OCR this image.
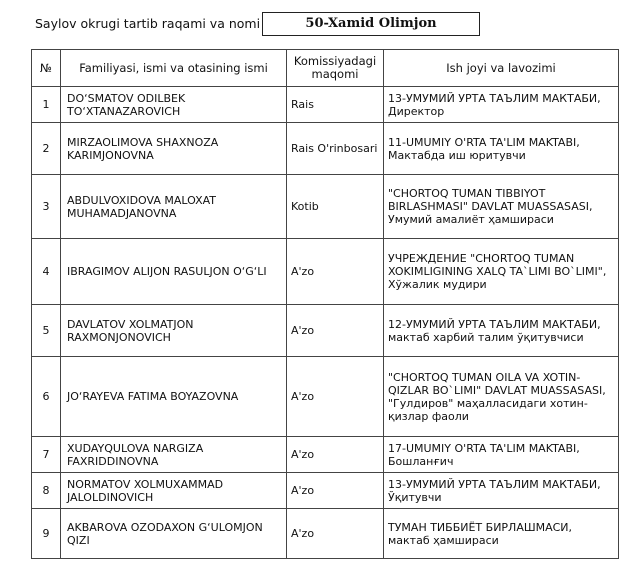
Saylov okrugi tartib raqami va nomi	50-Xamid Olimjon
№	Familiyasi, ismi va otasining ismi	Komissiyadagi maqomi	Ish joyi va lavozimi
1	DO‘SMATOV ODILBEK TO‘XTANAZAROVICH	Rais	13-УМУМИЙ УРТА ТАЪЛИМ МАКТАБИ, Директор
2	MIRZAOLIMOVA SHAXNOZA KARIMJONOVNA	Rais O'rinbosari	11-UMUMIY O'RTA TA'LIM MAKTABI, Мактабда иш юритувчи
3	ABDULVOXIDOVA MALOXAT MUHAMADJANOVNA	Kotib	"CHORTOQ TUMAN TIBBIYOT BIRLASHMASI" DAVLAT MUASSASASI, Умумий амалиёт ҳамшираси
4	IBRAGIMOV ALIJON RASULJON O‘G‘LI	A'zo	УЧРЕЖДЕНИЕ "CHORTOQ TUMAN XOKIMLIGINING XALQ TA`LIMI BO`LIMI", Хўжалик мудири
5	DAVLATOV XOLMATJON RAXMONJONOVICH	A'zo	12-УМУМИЙ УРТА ТАЪЛИМ МАКТАБИ, мактаб харбий талим ўқитувчиси
6	JO‘RAYEVA FATIMA BOYAZOVNA	A'zo	"CHORTOQ TUMAN OILA VA XOTIN-QIZLAR BO`LIMI" DAVLAT MUASSASASI, "Гулдиров" маҳалласидаги хотин-қизлар фаоли
7	XUDAYQULOVA NARGIZA FAXRIDDINOVNA	A'zo	17-UMUMIY O'RTA TA'LIM MAKTABI, Бошланғич
8	NORMATOV XOLMUXAMMAD JALOLDINOVICH	A'zo	13-УМУМИЙ УРТА ТАЪЛИМ МАКТАБИ, Ўқитувчи
9	AKBAROVA OZODAXON G‘ULOMJON QIZI	A'zo	ТУМАН ТИББИЁТ БИРЛАШМАСИ, мактаб ҳамшираси
